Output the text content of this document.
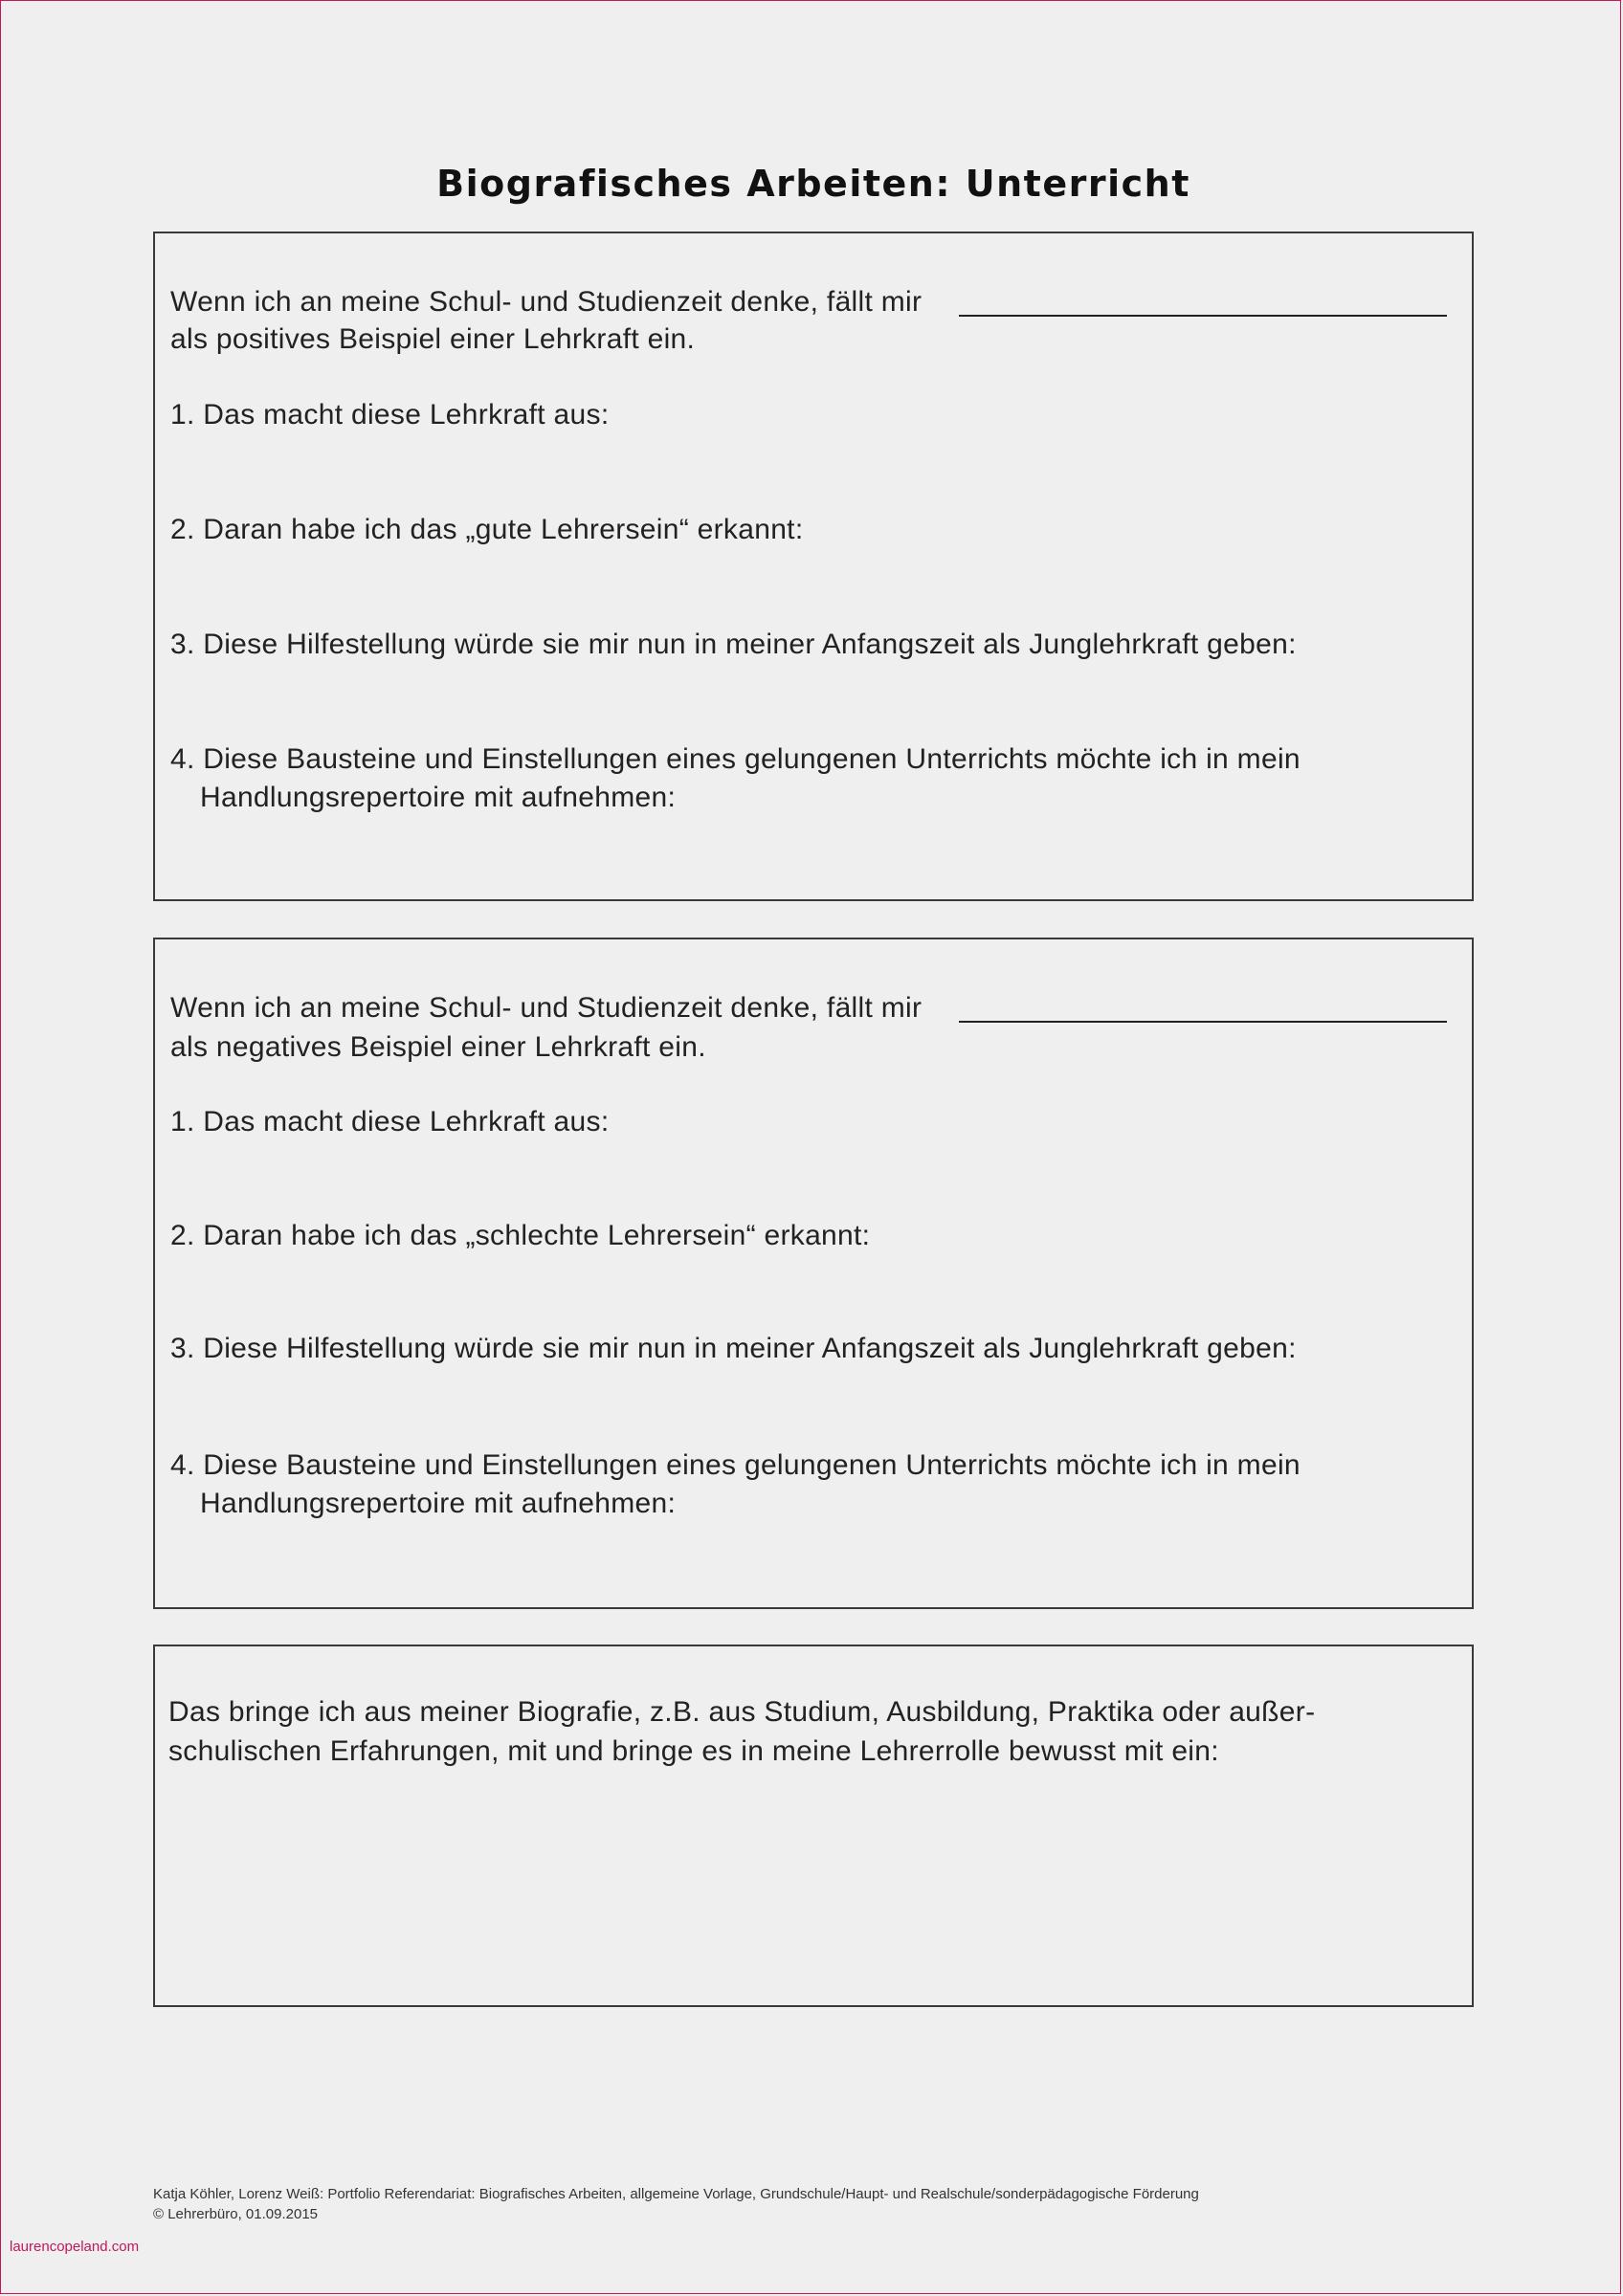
Biografisches Arbeiten: Unterricht
Wenn ich an meine Schul- und Studienzeit denke, fällt mir
als positives Beispiel einer Lehrkraft ein.
1. Das macht diese Lehrkraft aus:
2. Daran habe ich das „gute Lehrersein“ erkannt:
3. Diese Hilfestellung würde sie mir nun in meiner Anfangszeit als Junglehrkraft geben:
4. Diese Bausteine und Einstellungen eines gelungenen Unterrichts möchte ich in mein
Handlungsrepertoire mit aufnehmen:
Wenn ich an meine Schul- und Studienzeit denke, fällt mir
als negatives Beispiel einer Lehrkraft ein.
1. Das macht diese Lehrkraft aus:
2. Daran habe ich das „schlechte Lehrersein“ erkannt:
3. Diese Hilfestellung würde sie mir nun in meiner Anfangszeit als Junglehrkraft geben:
4. Diese Bausteine und Einstellungen eines gelungenen Unterrichts möchte ich in mein
Handlungsrepertoire mit aufnehmen:
Das bringe ich aus meiner Biografie, z.B. aus Studium, Ausbildung, Praktika oder außer-
schulischen Erfahrungen, mit und bringe es in meine Lehrerrolle bewusst mit ein:
Katja Köhler, Lorenz Weiß: Portfolio Referendariat: Biografisches Arbeiten, allgemeine Vorlage, Grundschule/Haupt- und Realschule/sonderpädagogische Förderung
© Lehrerbüro, 01.09.2015
laurencopeland.com
